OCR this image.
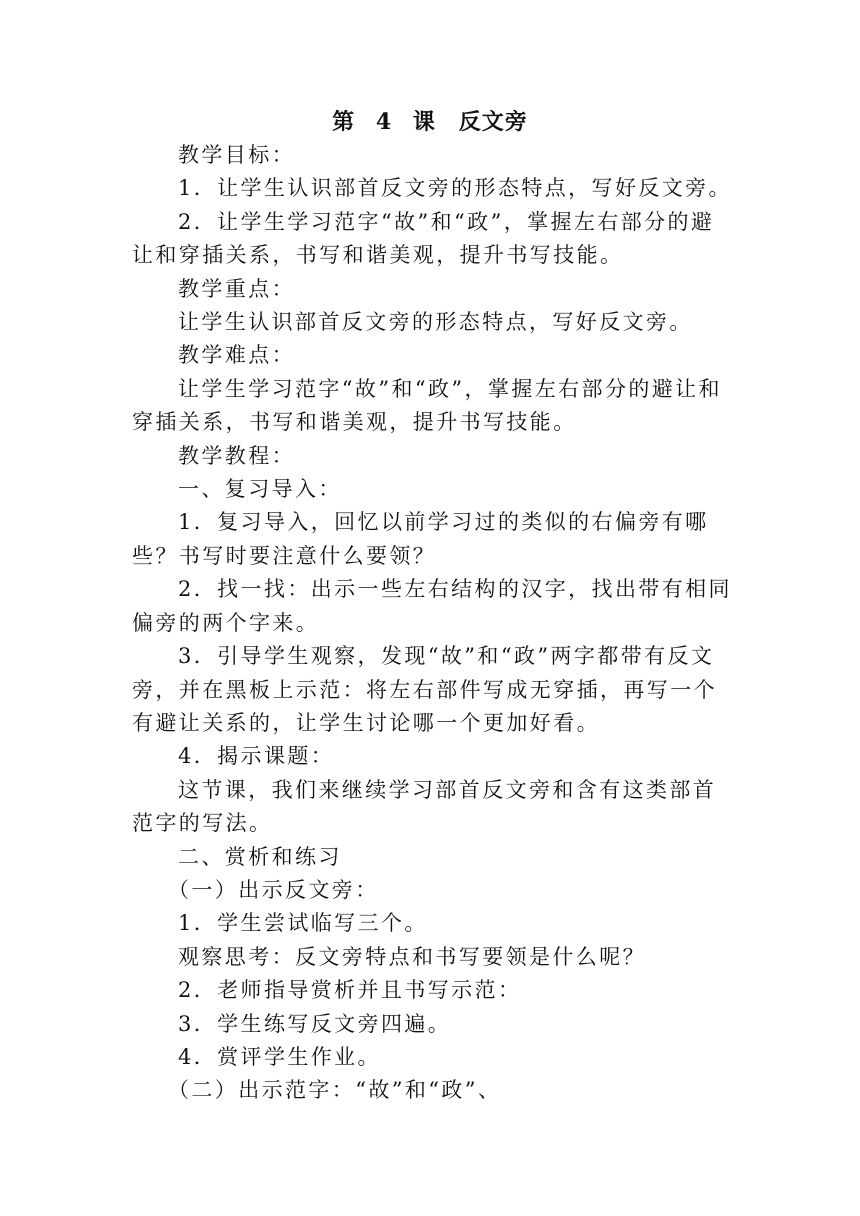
第 4 课　反文旁

教学目标：

1．让学生认识部首反文旁的形态特点，写好反文旁。

2．让学生学习范字“故”和“政”，掌握左右部分的避让和穿插关系，书写和谐美观，提升书写技能。

教学重点：

让学生认识部首反文旁的形态特点，写好反文旁。

教学难点：

让学生学习范字“故”和“政”，掌握左右部分的避让和穿插关系，书写和谐美观，提升书写技能。

教学教程：

一、复习导入：

1．复习导入，回忆以前学习过的类似的右偏旁有哪些？书写时要注意什么要领？

2．找一找：出示一些左右结构的汉字，找出带有相同偏旁的两个字来。

3．引导学生观察，发现“故”和“政”两字都带有反文旁，并在黑板上示范：将左右部件写成无穿插，再写一个有避让关系的，让学生讨论哪一个更加好看。

4．揭示课题：

这节课，我们来继续学习部首反文旁和含有这类部首范字的写法。

二、赏析和练习

（一）出示反文旁：

1．学生尝试临写三个。

观察思考：反文旁特点和书写要领是什么呢？

2．老师指导赏析并且书写示范：

3．学生练写反文旁四遍。

4．赏评学生作业。

（二）出示范字：“故”和“政”、
